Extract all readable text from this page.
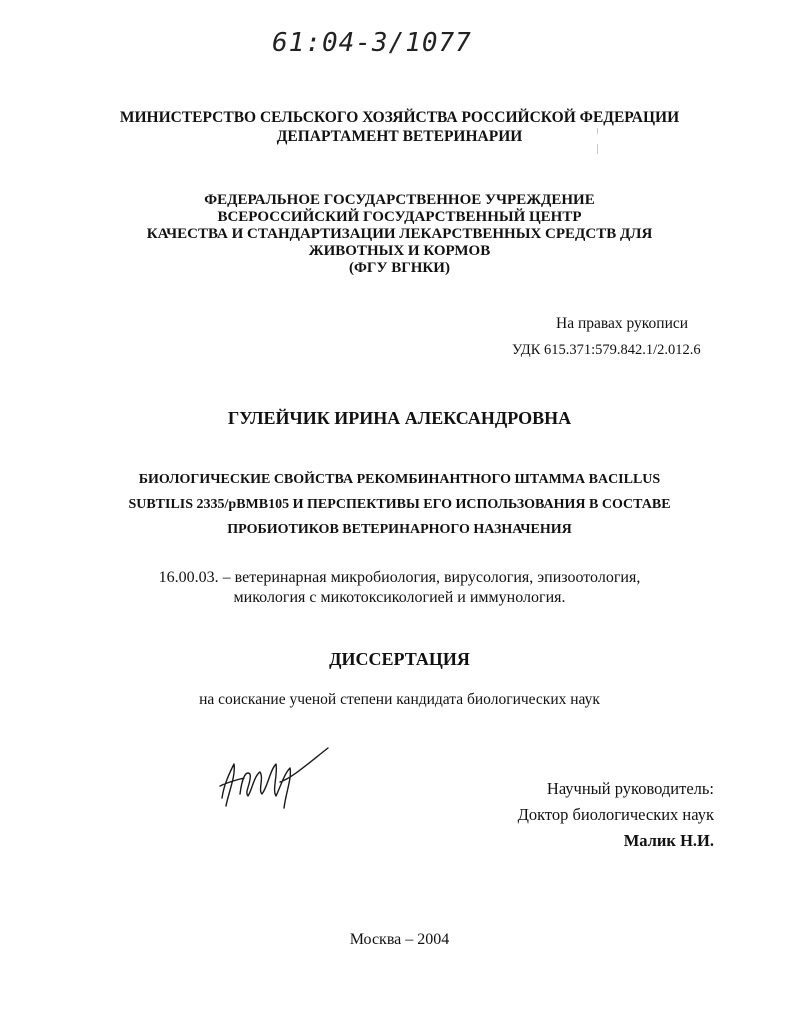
61:04-3/1077
МИНИСТЕРСТВО СЕЛЬСКОГО ХОЗЯЙСТВА РОССИЙСКОЙ ФЕДЕРАЦИИ
ДЕПАРТАМЕНТ ВЕТЕРИНАРИИ
ФЕДЕРАЛЬНОЕ ГОСУДАРСТВЕННОЕ УЧРЕЖДЕНИЕ
ВСЕРОССИЙСКИЙ ГОСУДАРСТВЕННЫЙ ЦЕНТР
КАЧЕСТВА И СТАНДАРТИЗАЦИИ ЛЕКАРСТВЕННЫХ СРЕДСТВ ДЛЯ
ЖИВОТНЫХ И КОРМОВ
(ФГУ ВГНКИ)
На правах рукописи
УДК 615.371:579.842.1/2.012.6
ГУЛЕЙЧИК ИРИНА АЛЕКСАНДРОВНА
БИОЛОГИЧЕСКИЕ СВОЙСТВА РЕКОМБИНАНТНОГО ШТАММА BACILLUS
SUBTILIS 2335/pBMB105 И ПЕРСПЕКТИВЫ ЕГО ИСПОЛЬЗОВАНИЯ В СОСТАВЕ
ПРОБИОТИКОВ ВЕТЕРИНАРНОГО НАЗНАЧЕНИЯ
16.00.03. – ветеринарная микробиология, вирусология, эпизоотология,
микология с микотоксикологией и иммунология.
ДИССЕРТАЦИЯ
на соискание ученой степени кандидата биологических наук
Научный руководитель:
Доктор биологических наук
Малик Н.И.
Москва – 2004
